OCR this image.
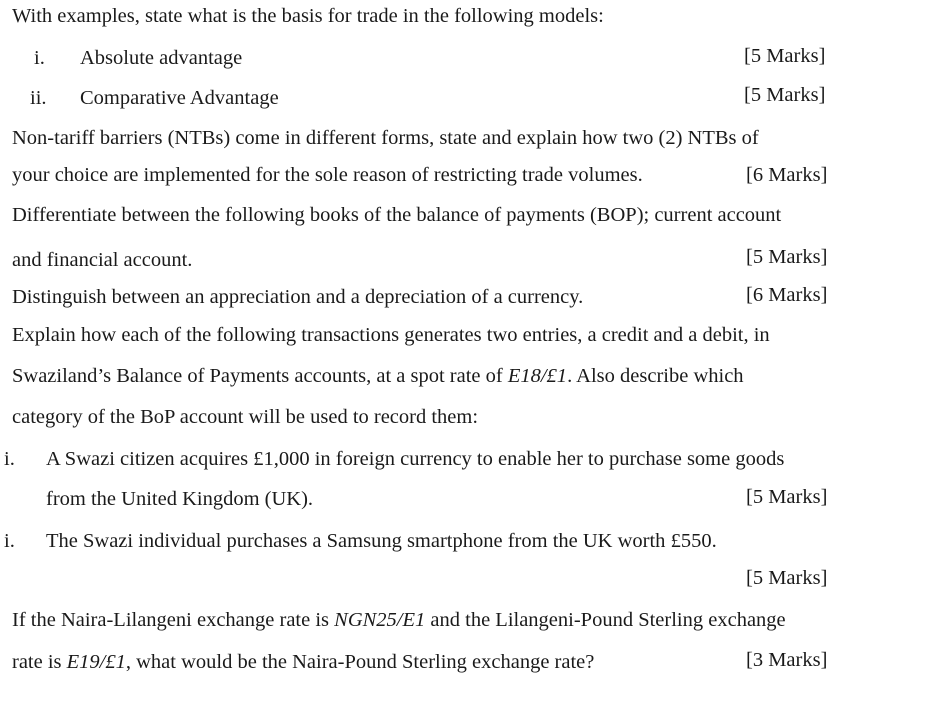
With examples, state what is the basis for trade in the following models:
i. Absolute advantage	[5 Marks]
ii. Comparative Advantage	[5 Marks]
Non-tariff barriers (NTBs) come in different forms, state and explain how two (2) NTBs of
your choice are implemented for the sole reason of restricting trade volumes.	[6 Marks]
Differentiate between the following books of the balance of payments (BOP); current account
and financial account.	[5 Marks]
Distinguish between an appreciation and a depreciation of a currency.	[6 Marks]
Explain how each of the following transactions generates two entries, a credit and a debit, in
Swaziland’s Balance of Payments accounts, at a spot rate of E18/£1. Also describe which
category of the BoP account will be used to record them:
i. A Swazi citizen acquires £1,000 in foreign currency to enable her to purchase some goods
from the United Kingdom (UK).	[5 Marks]
i. The Swazi individual purchases a Samsung smartphone from the UK worth £550.
[5 Marks]
If the Naira-Lilangeni exchange rate is NGN25/E1 and the Lilangeni-Pound Sterling exchange
rate is E19/£1, what would be the Naira-Pound Sterling exchange rate?	[3 Marks]
